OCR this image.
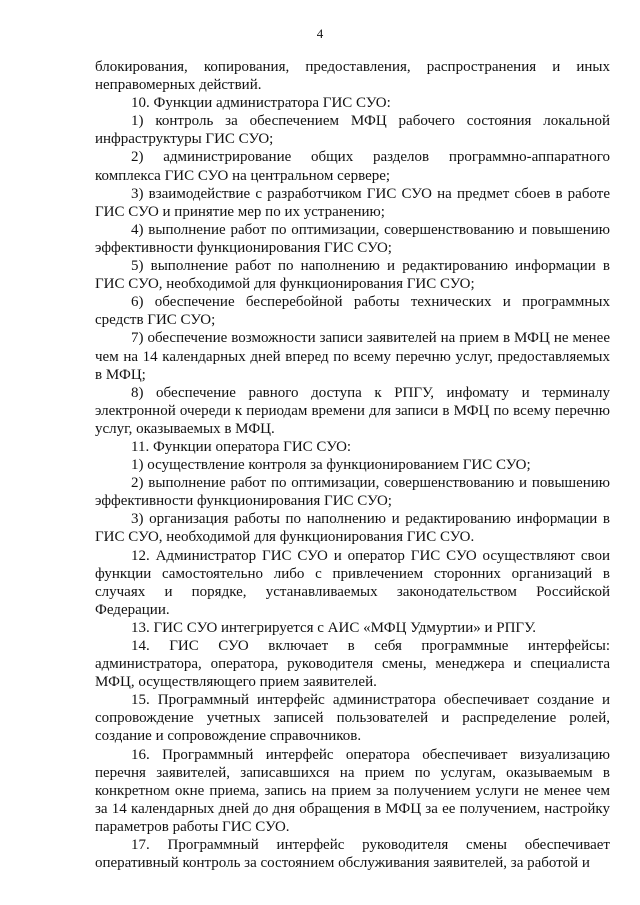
4

блокирования, копирования, предоставления, распространения и иных неправомерных действий.

10. Функции администратора ГИС СУО:

1) контроль за обеспечением МФЦ рабочего состояния локальной инфраструктуры ГИС СУО;

2) администрирование общих разделов программно-аппаратного комплекса ГИС СУО на центральном сервере;

3) взаимодействие с разработчиком ГИС СУО на предмет сбоев в работе ГИС СУО и принятие мер по их устранению;

4) выполнение работ по оптимизации, совершенствованию и повышению эффективности функционирования ГИС СУО;

5) выполнение работ по наполнению и редактированию информации в ГИС СУО, необходимой для функционирования ГИС СУО;

6) обеспечение бесперебойной работы технических и программных средств ГИС СУО;

7) обеспечение возможности записи заявителей на прием в МФЦ не менее чем на 14 календарных дней вперед по всему перечню услуг, предоставляемых в МФЦ;

8) обеспечение равного доступа к РПГУ, инфомату и терминалу электронной очереди к периодам времени для записи в МФЦ по всему перечню услуг, оказываемых в МФЦ.

11. Функции оператора ГИС СУО:

1) осуществление контроля за функционированием ГИС СУО;

2) выполнение работ по оптимизации, совершенствованию и повышению эффективности функционирования ГИС СУО;

3) организация работы по наполнению и редактированию информации в ГИС СУО, необходимой для функционирования ГИС СУО.

12. Администратор ГИС СУО и оператор ГИС СУО осуществляют свои функции самостоятельно либо с привлечением сторонних организаций в случаях и порядке, устанавливаемых законодательством Российской Федерации.

13. ГИС СУО интегрируется с АИС «МФЦ Удмуртии» и РПГУ.

14. ГИС СУО включает в себя программные интерфейсы: администратора, оператора, руководителя смены, менеджера и специалиста МФЦ, осуществляющего прием заявителей.

15. Программный интерфейс администратора обеспечивает создание и сопровождение учетных записей пользователей и распределение ролей, создание и сопровождение справочников.

16. Программный интерфейс оператора обеспечивает визуализацию перечня заявителей, записавшихся на прием по услугам, оказываемым в конкретном окне приема, запись на прием за получением услуги не менее чем за 14 календарных дней до дня обращения в МФЦ за ее получением, настройку параметров работы ГИС СУО.

17. Программный интерфейс руководителя смены обеспечивает оперативный контроль за состоянием обслуживания заявителей, за работой и
